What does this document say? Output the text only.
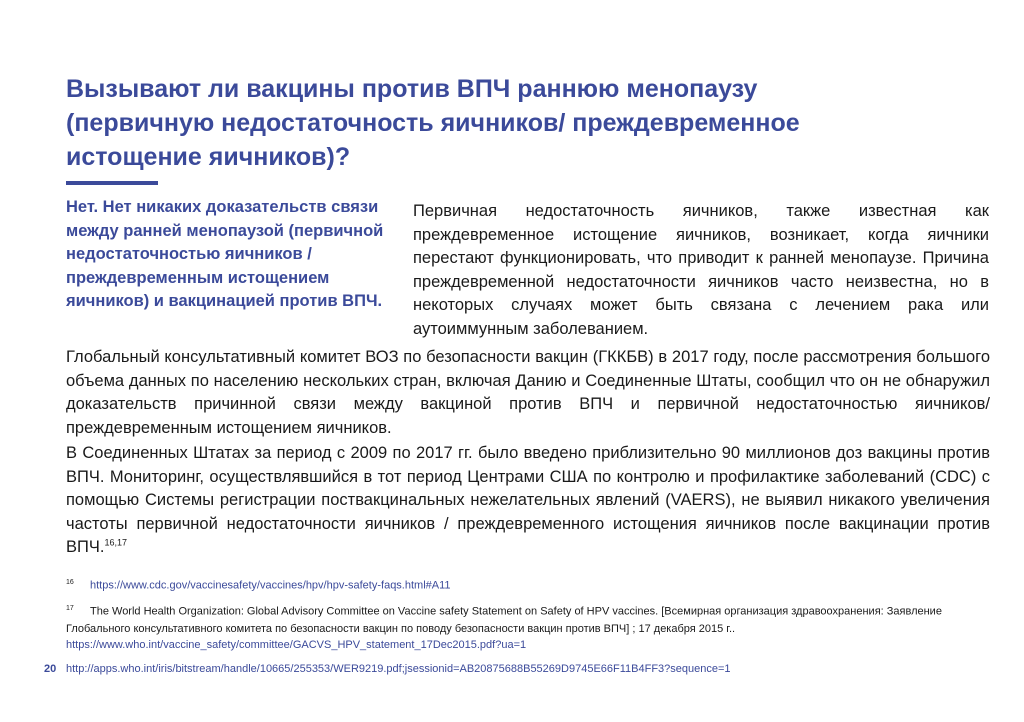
Вызывают ли вакцины против ВПЧ раннюю менопаузу (первичную недостаточность яичников/ преждевременное истощение яичников)?

Нет. Нет никаких доказательств связи между ранней менопаузой (первичной недостаточностью яичников / преждевременным истощением яичников) и вакцинацией против ВПЧ.

Первичная недостаточность яичников, также известная как преждевременное истощение яичников, возникает, когда яичники перестают функционировать, что приводит к ранней менопаузе. Причина преждевременной недостаточности яичников часто неизвестна, но в некоторых случаях может быть связана с лечением рака или аутоиммунным заболеванием.

Глобальный консультативный комитет ВОЗ по безопасности вакцин (ГККБВ) в 2017 году, после рассмотрения большого объема данных по населению нескольких стран, включая Данию и Соединенные Штаты, сообщил что он не обнаружил доказательств причинной связи между вакциной против ВПЧ и первичной недостаточностью яичников/ преждевременным истощением яичников.

В Соединенных Штатах за период с 2009 по 2017 гг. было введено приблизительно 90 миллионов доз вакцины против ВПЧ. Мониторинг, осуществлявшийся в тот период Центрами США по контролю и профилактике заболеваний (CDC) с помощью Системы регистрации поствакцинальных нежелательных явлений (VAERS), не выявил никакого увеличения частоты первичной недостаточности яичников / преждевременного истощения яичников после вакцинации против ВПЧ.$^{16,17}$

16 https://www.cdc.gov/vaccinesafety/vaccines/hpv/hpv-safety-faqs.html#A11

17 The World Health Organization: Global Advisory Committee on Vaccine safety Statement on Safety of HPV vaccines. [Всемирная организация здравоохранения: Заявление Глобального консультативного комитета по безопасности вакцин по поводу безопасности вакцин против ВПЧ] ; 17 декабря 2015 г..

https://www.who.int/vaccine_safety/committee/GACVS_HPV_statement_17Dec2015.pdf?ua=1

20 http://apps.who.int/iris/bitstream/handle/10665/255353/WER9219.pdf;jsessionid=AB20875688B55269D9745E66F11B4FF3?sequence=1
